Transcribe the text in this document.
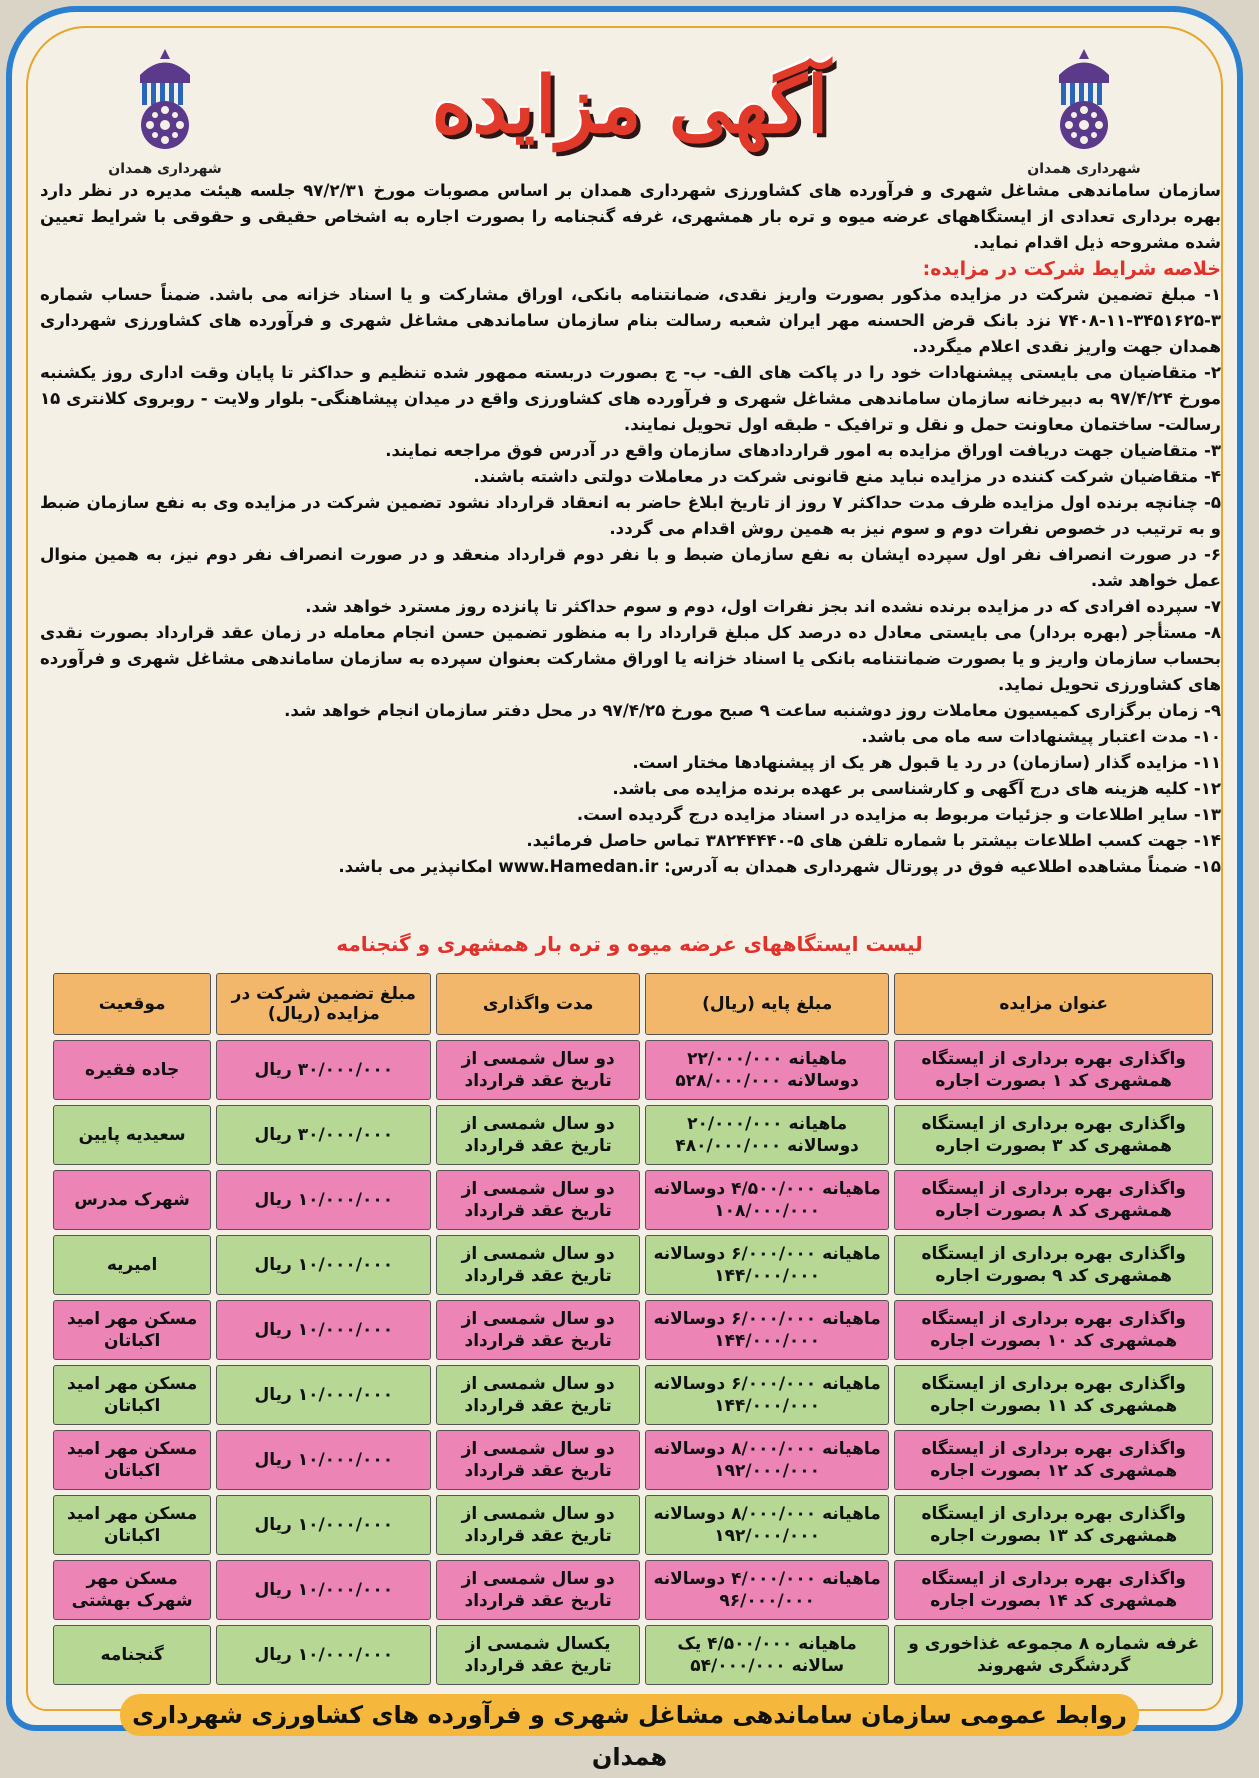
شهرداری همدان	شهرداری همدان
آگهی مزایده

سازمان ساماندهی مشاغل شهری و فرآورده های کشاورزی شهرداری همدان بر اساس مصوبات مورخ ۹۷/۲/۳۱ جلسه هیئت مدیره در نظر دارد بهره برداری تعدادی از ایستگاههای عرضه میوه و تره بار همشهری، غرفه گنجنامه را بصورت اجاره به اشخاص حقیقی و حقوقی با شرایط تعیین شده مشروحه ذیل اقدام نماید.

خلاصه شرایط شرکت در مزایده:

۱- مبلغ تضمین شرکت در مزایده مذکور بصورت واریز نقدی، ضمانتنامه بانکی، اوراق مشارکت و یا اسناد خزانه می باشد. ضمناً حساب شماره ۳-۳۴۵۱۶۲۵-۱۱-۷۴۰۸ نزد بانک قرض الحسنه مهر ایران شعبه رسالت بنام سازمان ساماندهی مشاغل شهری و فرآورده های کشاورزی شهرداری همدان جهت واریز نقدی اعلام میگردد.

۲- متقاضیان می بایستی پیشنهادات خود را در پاکت های الف- ب- ج بصورت دربسته ممهور شده تنظیم و حداکثر تا پایان وقت اداری روز یکشنبه مورخ ۹۷/۴/۲۴ به دبیرخانه سازمان ساماندهی مشاغل شهری و فرآورده های کشاورزی واقع در میدان پیشاهنگی- بلوار ولایت - روبروی کلانتری ۱۵ رسالت- ساختمان معاونت حمل و نقل و ترافیک - طبقه اول تحویل نمایند.

۳- متقاضیان جهت دریافت اوراق مزایده به امور قراردادهای سازمان واقع در آدرس فوق مراجعه نمایند.

۴- متقاضیان شرکت کننده در مزایده نباید منع قانونی شرکت در معاملات دولتی داشته باشند.

۵- چنانچه برنده اول مزایده ظرف مدت حداکثر ۷ روز از تاریخ ابلاغ حاضر به انعقاد قرارداد نشود تضمین شرکت در مزایده وی به نفع سازمان ضبط و به ترتیب در خصوص نفرات دوم و سوم نیز به همین روش اقدام می گردد.

۶- در صورت انصراف نفر اول سپرده ایشان به نفع سازمان ضبط و با نفر دوم قرارداد منعقد و در صورت انصراف نفر دوم نیز، به همین منوال عمل خواهد شد.

۷- سپرده افرادی که در مزایده برنده نشده اند بجز نفرات اول، دوم و سوم حداکثر تا پانزده روز مسترد خواهد شد.

۸- مستأجر (بهره بردار) می بایستی معادل ده درصد کل مبلغ قرارداد را به منظور تضمین حسن انجام معامله در زمان عقد قرارداد بصورت نقدی بحساب سازمان واریز و یا بصورت ضمانتنامه بانکی یا اسناد خزانه یا اوراق مشارکت بعنوان سپرده به سازمان ساماندهی مشاغل شهری و فرآورده های کشاورزی تحویل نماید.

۹- زمان برگزاری کمیسیون معاملات روز دوشنبه ساعت ۹ صبح مورخ ۹۷/۴/۲۵ در محل دفتر سازمان انجام خواهد شد.

۱۰- مدت اعتبار پیشنهادات سه ماه می باشد.

۱۱- مزایده گذار (سازمان) در رد یا قبول هر یک از پیشنهادها مختار است.

۱۲- کلیه هزینه های درج آگهی و کارشناسی بر عهده برنده مزایده می باشد.

۱۳- سایر اطلاعات و جزئیات مربوط به مزایده در اسناد مزایده درج گردیده است.

۱۴- جهت کسب اطلاعات بیشتر با شماره تلفن های ۵-۳۸۲۴۴۴۴۰ تماس حاصل فرمائید.

۱۵- ضمناً مشاهده اطلاعیه فوق در پورتال شهرداری همدان به آدرس: www.Hamedan.ir امکانپذیر می باشد.

لیست ایستگاههای عرضه میوه و تره بار همشهری و گنجنامه
عنوان مزایده	مبلغ پایه (ریال)	مدت واگذاری	مبلغ تضمین شرکت در مزایده (ریال)	موقعیت
واگذاری بهره برداری از ایستگاه همشهری کد ۱ بصورت اجاره	ماهیانه ۲۲/۰۰۰/۰۰۰ دوسالانه ۵۲۸/۰۰۰/۰۰۰	دو سال شمسی از تاریخ عقد قرارداد	۳۰/۰۰۰/۰۰۰ ریال	جاده فقیره
واگذاری بهره برداری از ایستگاه همشهری کد ۳ بصورت اجاره	ماهیانه ۲۰/۰۰۰/۰۰۰ دوسالانه ۴۸۰/۰۰۰/۰۰۰	دو سال شمسی از تاریخ عقد قرارداد	۳۰/۰۰۰/۰۰۰ ریال	سعیدیه پایین
واگذاری بهره برداری از ایستگاه همشهری کد ۸ بصورت اجاره	ماهیانه ۴/۵۰۰/۰۰۰ دوسالانه ۱۰۸/۰۰۰/۰۰۰	دو سال شمسی از تاریخ عقد قرارداد	۱۰/۰۰۰/۰۰۰ ریال	شهرک مدرس
واگذاری بهره برداری از ایستگاه همشهری کد ۹ بصورت اجاره	ماهیانه ۶/۰۰۰/۰۰۰ دوسالانه ۱۴۴/۰۰۰/۰۰۰	دو سال شمسی از تاریخ عقد قرارداد	۱۰/۰۰۰/۰۰۰ ریال	امیریه
واگذاری بهره برداری از ایستگاه همشهری کد ۱۰ بصورت اجاره	ماهیانه ۶/۰۰۰/۰۰۰ دوسالانه ۱۴۴/۰۰۰/۰۰۰	دو سال شمسی از تاریخ عقد قرارداد	۱۰/۰۰۰/۰۰۰ ریال	مسکن مهر امید اکباتان
واگذاری بهره برداری از ایستگاه همشهری کد ۱۱ بصورت اجاره	ماهیانه ۶/۰۰۰/۰۰۰ دوسالانه ۱۴۴/۰۰۰/۰۰۰	دو سال شمسی از تاریخ عقد قرارداد	۱۰/۰۰۰/۰۰۰ ریال	مسکن مهر امید اکباتان
واگذاری بهره برداری از ایستگاه همشهری کد ۱۲ بصورت اجاره	ماهیانه ۸/۰۰۰/۰۰۰ دوسالانه ۱۹۲/۰۰۰/۰۰۰	دو سال شمسی از تاریخ عقد قرارداد	۱۰/۰۰۰/۰۰۰ ریال	مسکن مهر امید اکباتان
واگذاری بهره برداری از ایستگاه همشهری کد ۱۳ بصورت اجاره	ماهیانه ۸/۰۰۰/۰۰۰ دوسالانه ۱۹۲/۰۰۰/۰۰۰	دو سال شمسی از تاریخ عقد قرارداد	۱۰/۰۰۰/۰۰۰ ریال	مسکن مهر امید اکباتان
واگذاری بهره برداری از ایستگاه همشهری کد ۱۴ بصورت اجاره	ماهیانه ۴/۰۰۰/۰۰۰ دوسالانه ۹۶/۰۰۰/۰۰۰	دو سال شمسی از تاریخ عقد قرارداد	۱۰/۰۰۰/۰۰۰ ریال	مسکن مهر شهرک بهشتی
غرفه شماره ۸ مجموعه غذاخوری و گردشگری شهروند	ماهیانه ۴/۵۰۰/۰۰۰ یک سالانه ۵۴/۰۰۰/۰۰۰	یکسال شمسی از تاریخ عقد قرارداد	۱۰/۰۰۰/۰۰۰ ریال	گنجنامه
روابط عمومی سازمان ساماندهی مشاغل شهری و فرآورده های کشاورزی شهرداری همدان
